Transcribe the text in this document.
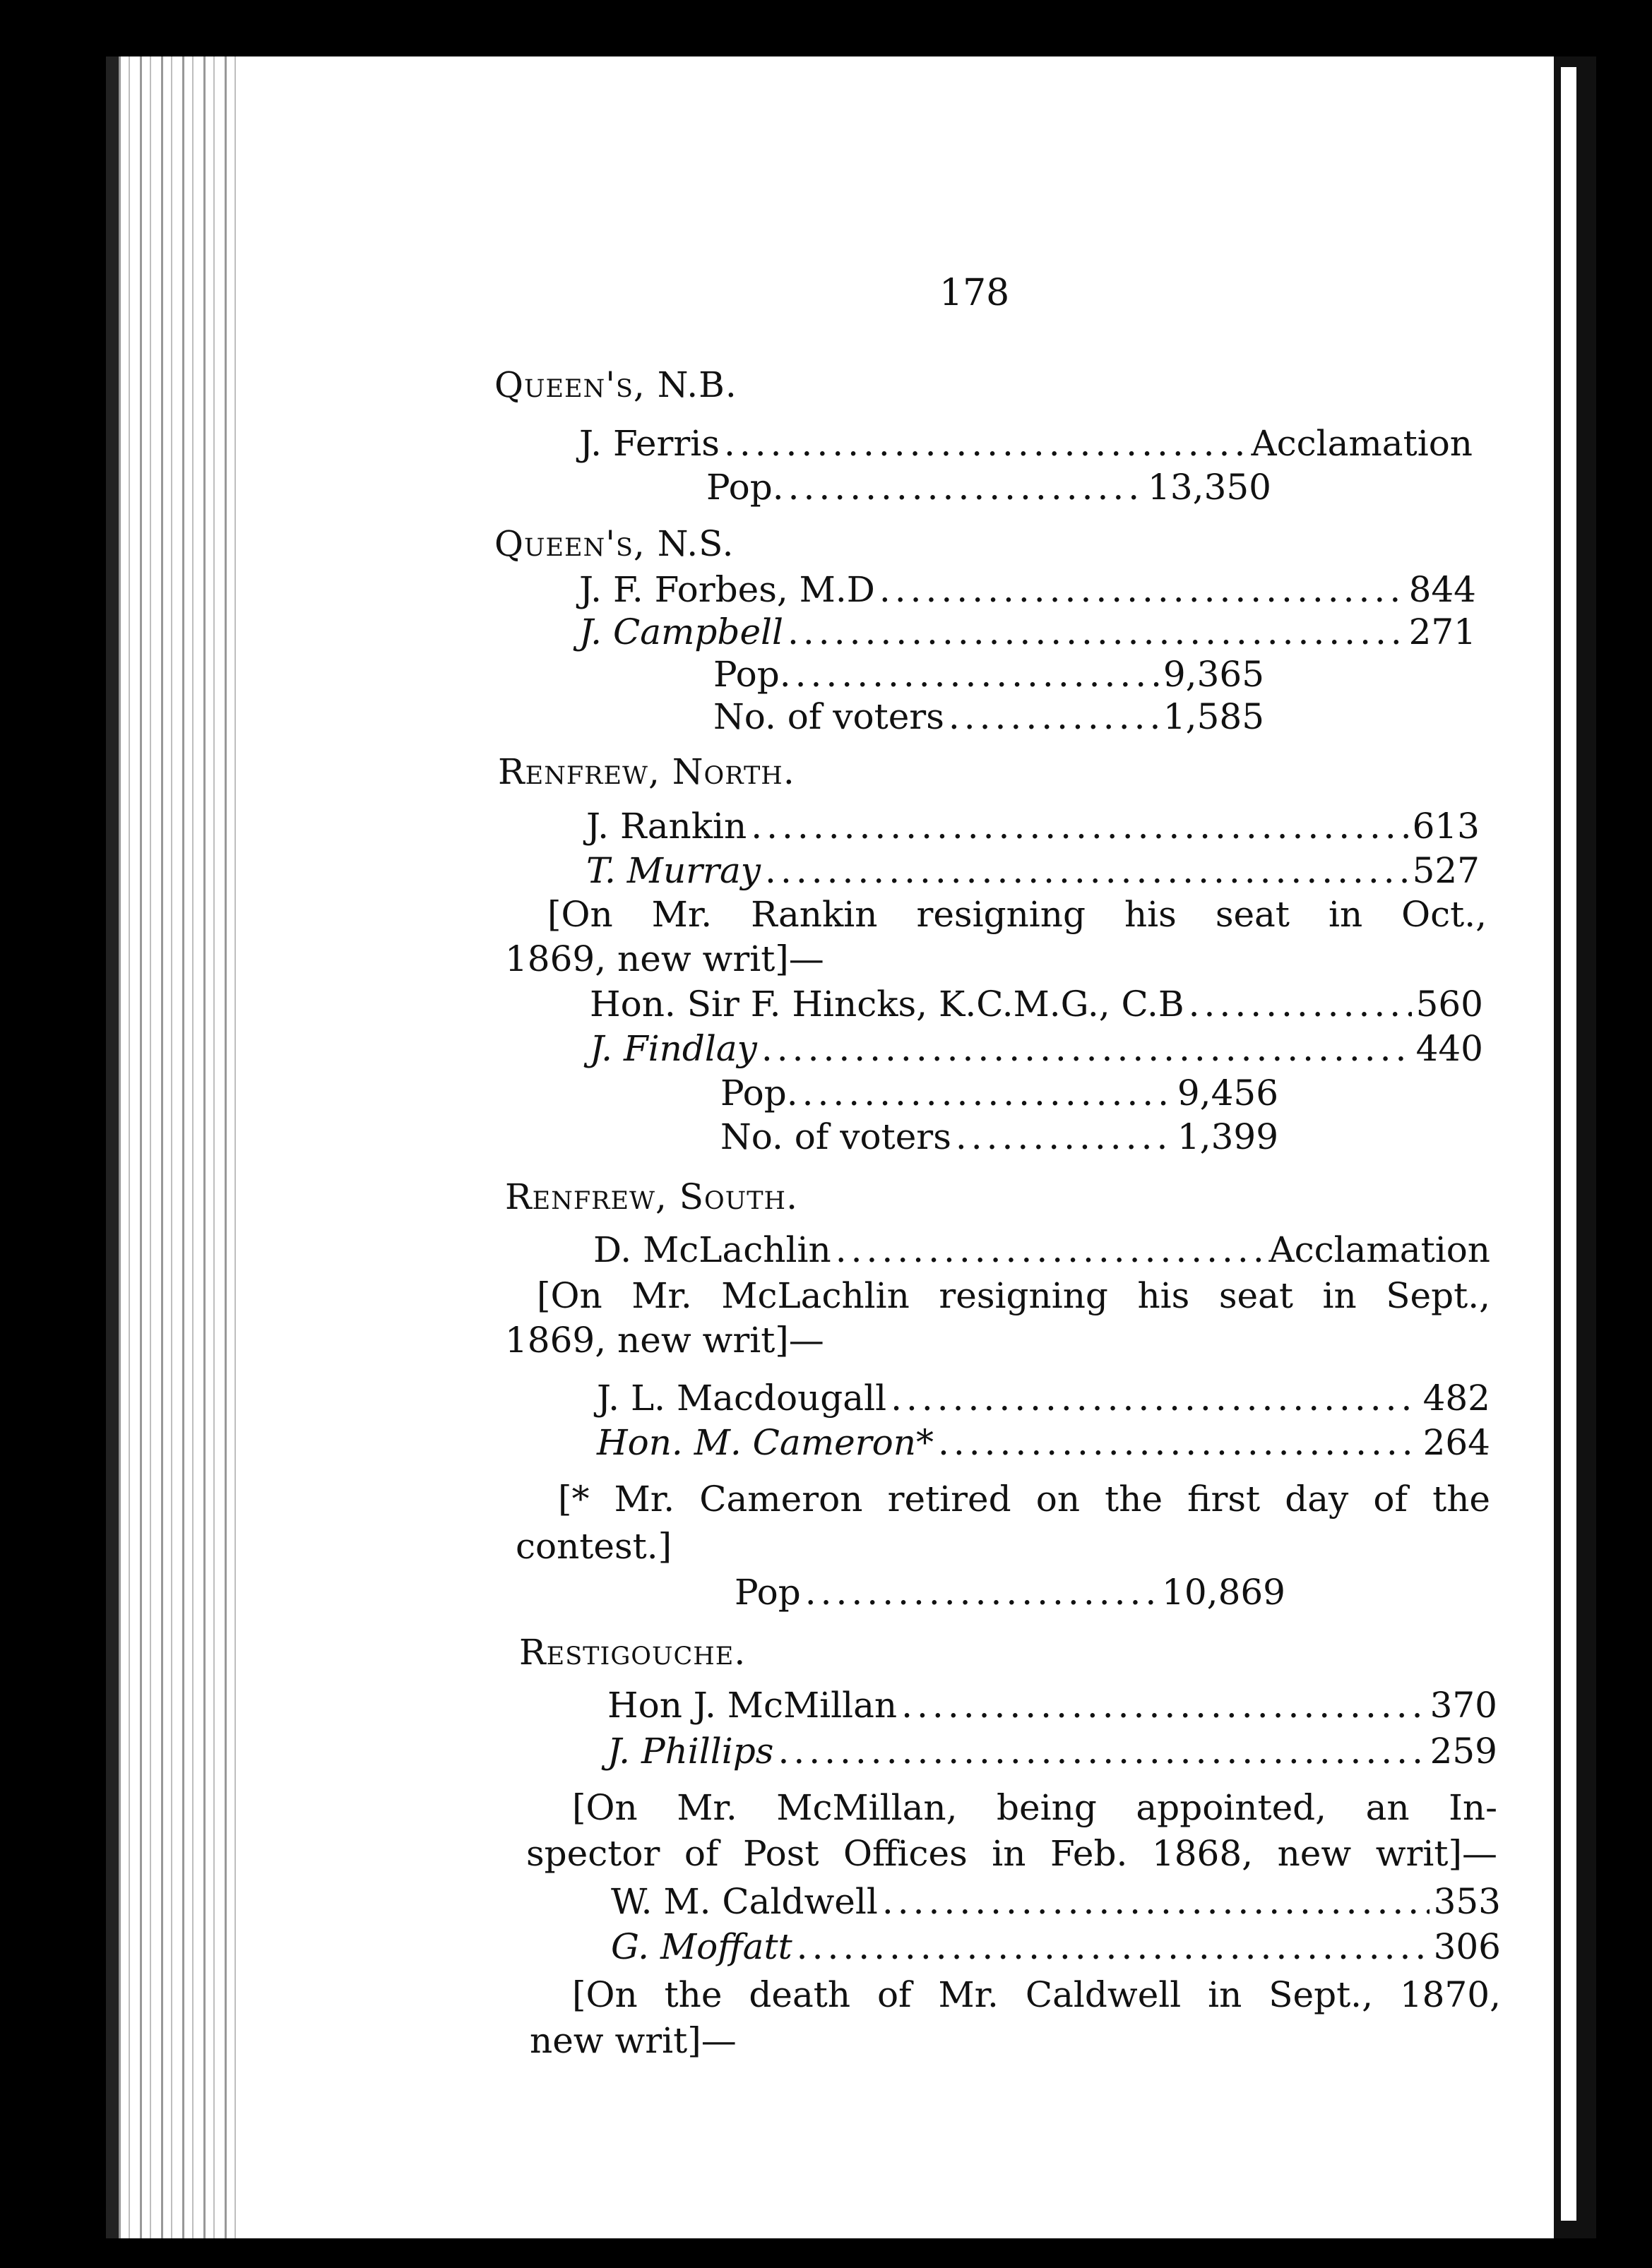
178
Queen's, N.B.
J. Ferris .....	Acclamation
Pop. .....	13,350
Queen's, N.S.
J. F. Forbes, M.D .....	844
J. Campbell .....	271
Pop. .....	9,365
No. of voters .....	1,585
Renfrew, North.
J. Rankin .....	613
T. Murray .....	527
[On Mr. Rankin resigning his seat in Oct.,
1869, new writ]—
Hon. Sir F. Hincks, K.C.M.G., C.B .....	560
J. Findlay .....	440
Pop. .....	9,456
No. of voters .....	1,399
Renfrew, South.
D. McLachlin .....	Acclamation
[On Mr. McLachlin resigning his seat in Sept.,
1869, new writ]—
J. L. Macdougall .....	482
Hon. M. Cameron* .....	264
[* Mr. Cameron retired on the first day of the
contest.]
Pop .....	10,869
Restigouche.
Hon J. McMillan .....	370
J. Phillips .....	259
[On Mr. McMillan, being appointed, an In-
spector of Post Offices in Feb. 1868, new writ]—
W. M. Caldwell .....	353
G. Moffatt .....	306
[On the death of Mr. Caldwell in Sept., 1870,
new writ]—
